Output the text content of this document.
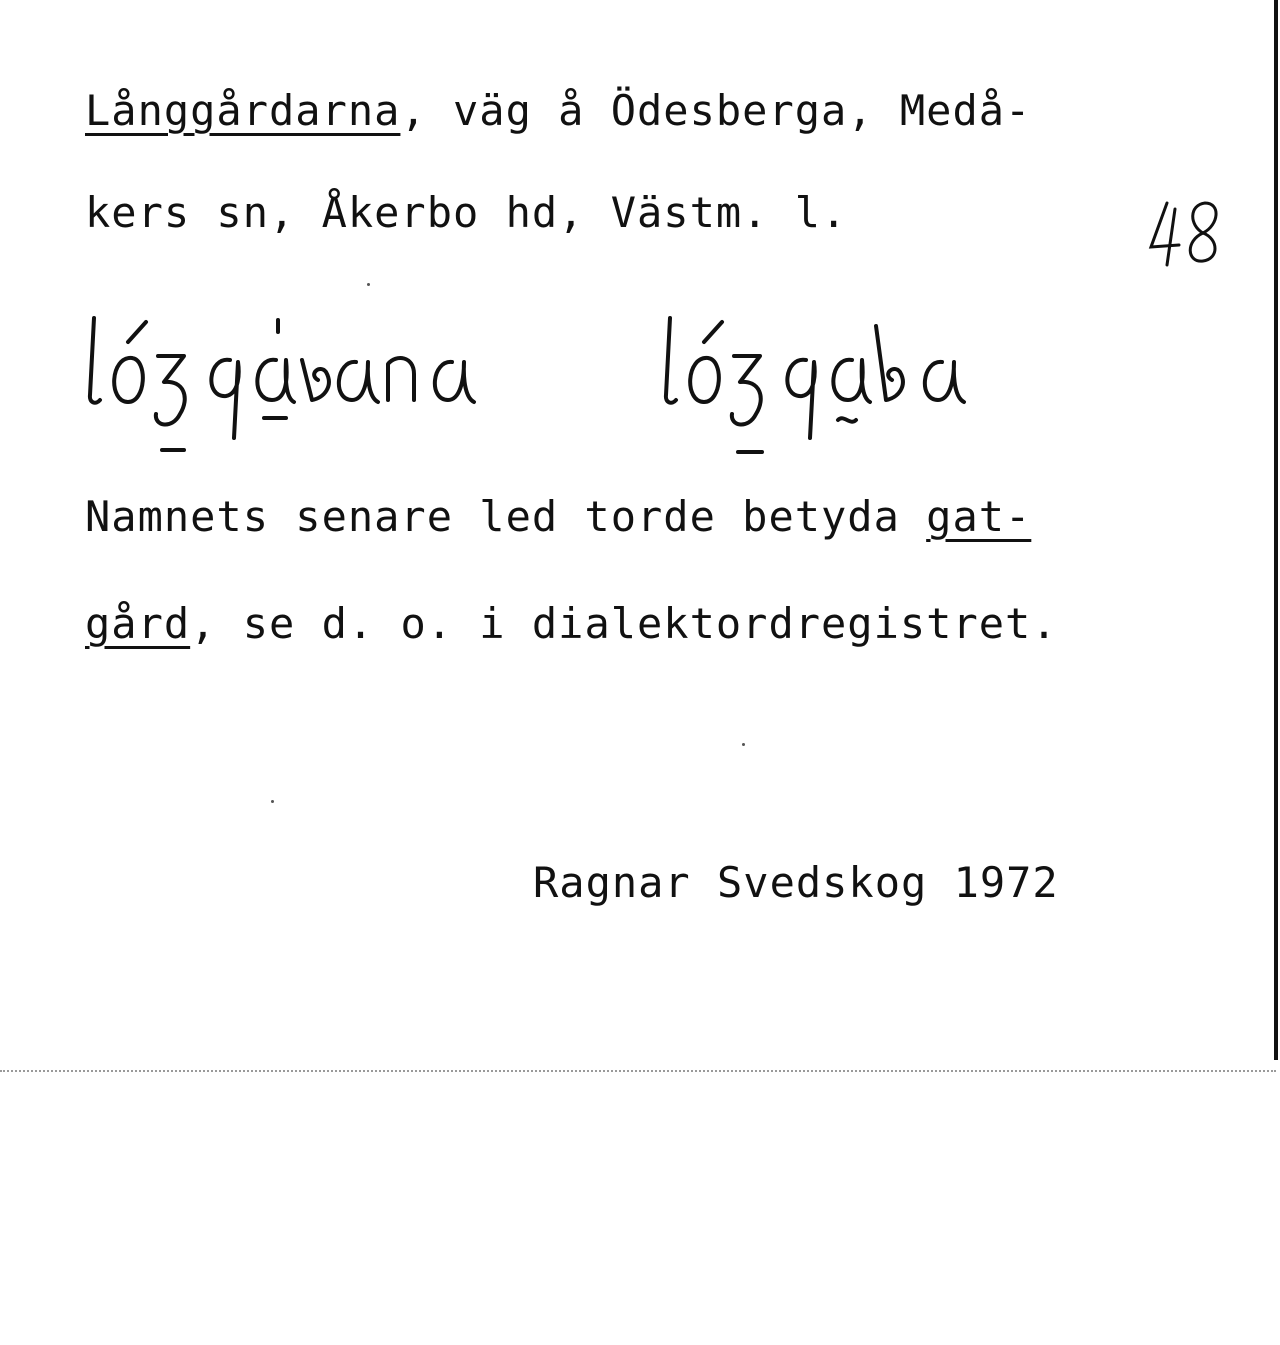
Långgårdarna, väg å Ödesberga, Medå-
kers sn, Åkerbo hd, Västm. l.
Namnets senare led torde betyda gat-
gård, se d. o. i dialektordregistret.
Ragnar Svedskog 1972
